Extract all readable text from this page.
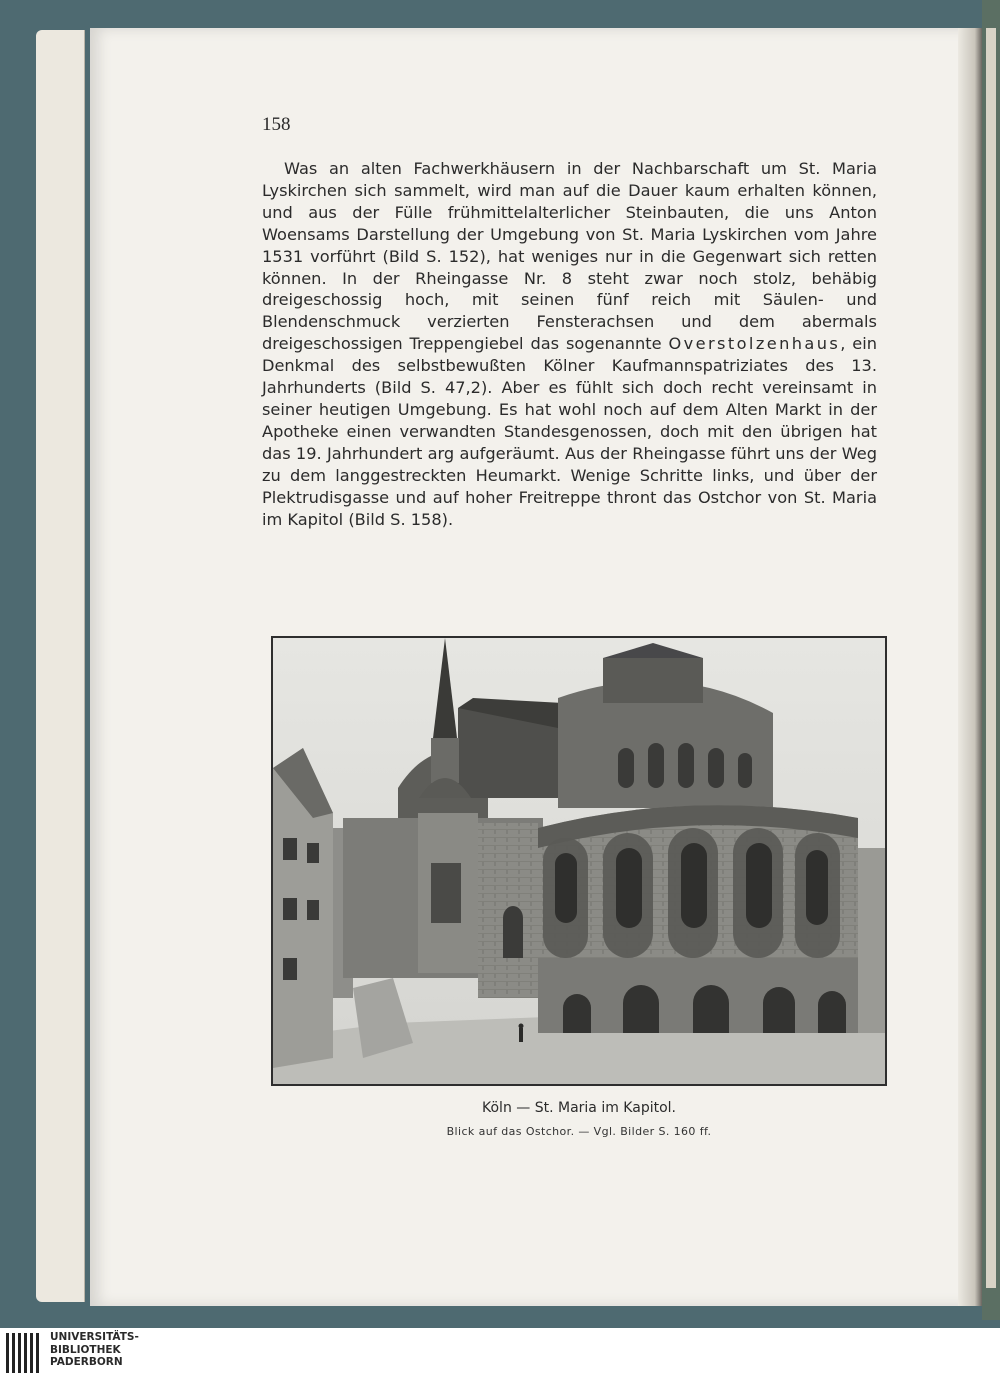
158

Was an alten Fachwerkhäusern in der Nachbarschaft um St. Maria Lyskirchen sich sammelt, wird man auf die Dauer kaum erhalten können, und aus der Fülle frühmittelalterlicher Steinbauten, die uns Anton Woensams Darstellung der Umgebung von St. Maria Lyskirchen vom Jahre 1531 vorführt (Bild S. 152), hat weniges nur in die Gegenwart sich retten können. In der Rheingasse Nr. 8 steht zwar noch stolz, behäbig dreigeschossig hoch, mit seinen fünf reich mit Säulen- und Blendenschmuck verzierten Fensterachsen und dem abermals dreigeschossigen Treppengiebel das sogenannte Overstolzenhaus, ein Denkmal des selbstbewußten Kölner Kaufmannspatriziates des 13. Jahrhunderts (Bild S. 47,2). Aber es fühlt sich doch recht vereinsamt in seiner heutigen Umgebung. Es hat wohl noch auf dem Alten Markt in der Apotheke einen verwandten Standesgenossen, doch mit den übrigen hat das 19. Jahrhundert arg aufgeräumt. Aus der Rheingasse führt uns der Weg zu dem langgestreckten Heumarkt. Wenige Schritte links, und über der Plektrudisgasse und auf hoher Freitreppe thront das Ostchor von St. Maria im Kapitol (Bild S. 158).

Köln — St. Maria im Kapitol.
Blick auf das Ostchor. — Vgl. Bilder S. 160 ff.
UNIVERSITÄTS-
BIBLIOTHEK
PADERBORN
